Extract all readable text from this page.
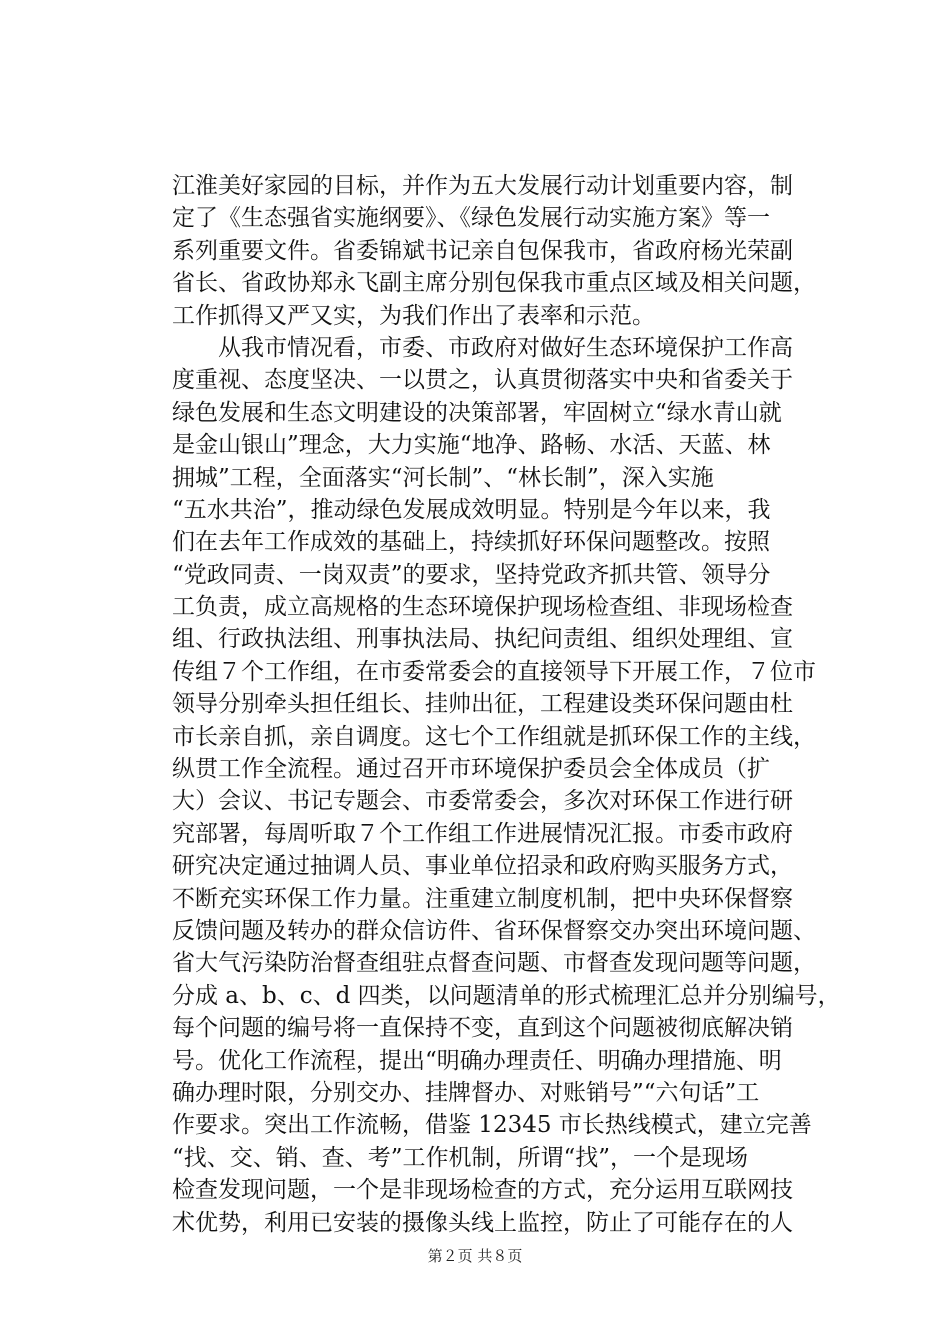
江淮美好家园的目标，并作为五大发展行动计划重要内容，制
定了《生态强省实施纲要》、《绿色发展行动实施方案》等一
系列重要文件。省委锦斌书记亲自包保我市，省政府杨光荣副
省长、省政协郑永飞副主席分别包保我市重点区域及相关问题，
工作抓得又严又实，为我们作出了表率和示范。
　　从我市情况看，市委、市政府对做好生态环境保护工作高
度重视、态度坚决、一以贯之，认真贯彻落实中央和省委关于
绿色发展和生态文明建设的决策部署，牢固树立“绿水青山就
是金山银山”理念，大力实施“地净、路畅、水活、天蓝、林
拥城”工程，全面落实“河长制”、“林长制”，深入实施
“五水共治”，推动绿色发展成效明显。特别是今年以来，我
们在去年工作成效的基础上，持续抓好环保问题整改。按照
“党政同责、一岗双责”的要求，坚持党政齐抓共管、领导分
工负责，成立高规格的生态环境保护现场检查组、非现场检查
组、行政执法组、刑事执法局、执纪问责组、组织处理组、宣
传组７个工作组，在市委常委会的直接领导下开展工作，７位市
领导分别牵头担任组长、挂帅出征，工程建设类环保问题由杜
市长亲自抓，亲自调度。这七个工作组就是抓环保工作的主线，
纵贯工作全流程。通过召开市环境保护委员会全体成员（扩
大）会议、书记专题会、市委常委会，多次对环保工作进行研
究部署，每周听取７个工作组工作进展情况汇报。市委市政府
研究决定通过抽调人员、事业单位招录和政府购买服务方式，
不断充实环保工作力量。注重建立制度机制，把中央环保督察
反馈问题及转办的群众信访件、省环保督察交办突出环境问题、
省大气污染防治督查组驻点督查问题、市督查发现问题等问题，
分成 a、b、c、d 四类，以问题清单的形式梳理汇总并分别编号，
每个问题的编号将一直保持不变，直到这个问题被彻底解决销
号。优化工作流程，提出“明确办理责任、明确办理措施、明
确办理时限，分别交办、挂牌督办、对账销号”“六句话”工
作要求。突出工作流畅，借鉴 12345 市长热线模式，建立完善
“找、交、销、查、考”工作机制，所谓“找”，一个是现场
检查发现问题，一个是非现场检查的方式，充分运用互联网技
术优势，利用已安装的摄像头线上监控，防止了可能存在的人
第２页 共８页
